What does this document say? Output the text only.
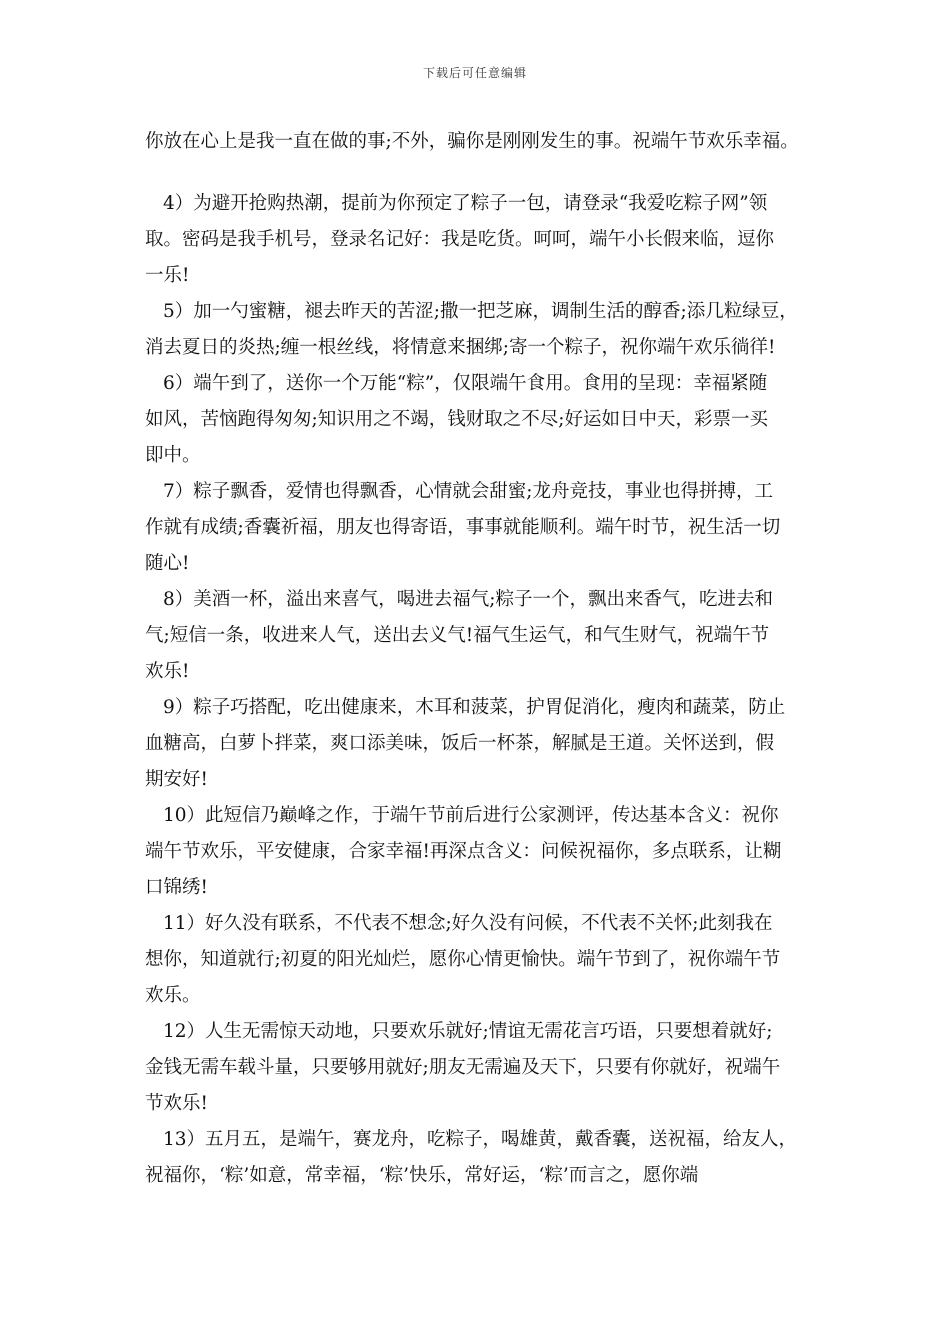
下载后可任意编辑
你放在心上是我一直在做的事;不外，骗你是刚刚发生的事。祝端午节欢乐幸福。
4）为避开抢购热潮，提前为你预定了粽子一包，请登录“我爱吃粽子网”领
取。密码是我手机号，登录名记好：我是吃货。呵呵，端午小长假来临，逗你
一乐!
5）加一勺蜜糖，褪去昨天的苦涩;撒一把芝麻，调制生活的醇香;添几粒绿豆，
消去夏日的炎热;缠一根丝线，将情意来捆绑;寄一个粽子，祝你端午欢乐徜徉!
6）端午到了，送你一个万能“粽”，仅限端午食用。食用的呈现：幸福紧随
如风，苦恼跑得匆匆;知识用之不竭，钱财取之不尽;好运如日中天，彩票一买
即中。
7）粽子飘香，爱情也得飘香，心情就会甜蜜;龙舟竞技，事业也得拼搏，工
作就有成绩;香囊祈福，朋友也得寄语，事事就能顺利。端午时节，祝生活一切
随心!
8）美酒一杯，溢出来喜气，喝进去福气;粽子一个，飘出来香气，吃进去和
气;短信一条，收进来人气，送出去义气!福气生运气，和气生财气，祝端午节
欢乐!
9）粽子巧搭配，吃出健康来，木耳和菠菜，护胃促消化，瘦肉和蔬菜，防止
血糖高，白萝卜拌菜，爽口添美味，饭后一杯茶，解腻是王道。关怀送到，假
期安好!
10）此短信乃巅峰之作，于端午节前后进行公家测评，传达基本含义：祝你
端午节欢乐，平安健康，合家幸福!再深点含义：问候祝福你，多点联系，让糊
口锦绣!
11）好久没有联系，不代表不想念;好久没有问候，不代表不关怀;此刻我在
想你，知道就行;初夏的阳光灿烂，愿你心情更愉快。端午节到了，祝你端午节
欢乐。
12）人生无需惊天动地，只要欢乐就好;情谊无需花言巧语，只要想着就好;
金钱无需车载斗量，只要够用就好;朋友无需遍及天下，只要有你就好，祝端午
节欢乐!
13）五月五，是端午，赛龙舟，吃粽子，喝雄黄，戴香囊，送祝福，给友人，
祝福你，‘粽’如意，常幸福，‘粽’快乐，常好运，‘粽’而言之，愿你端
